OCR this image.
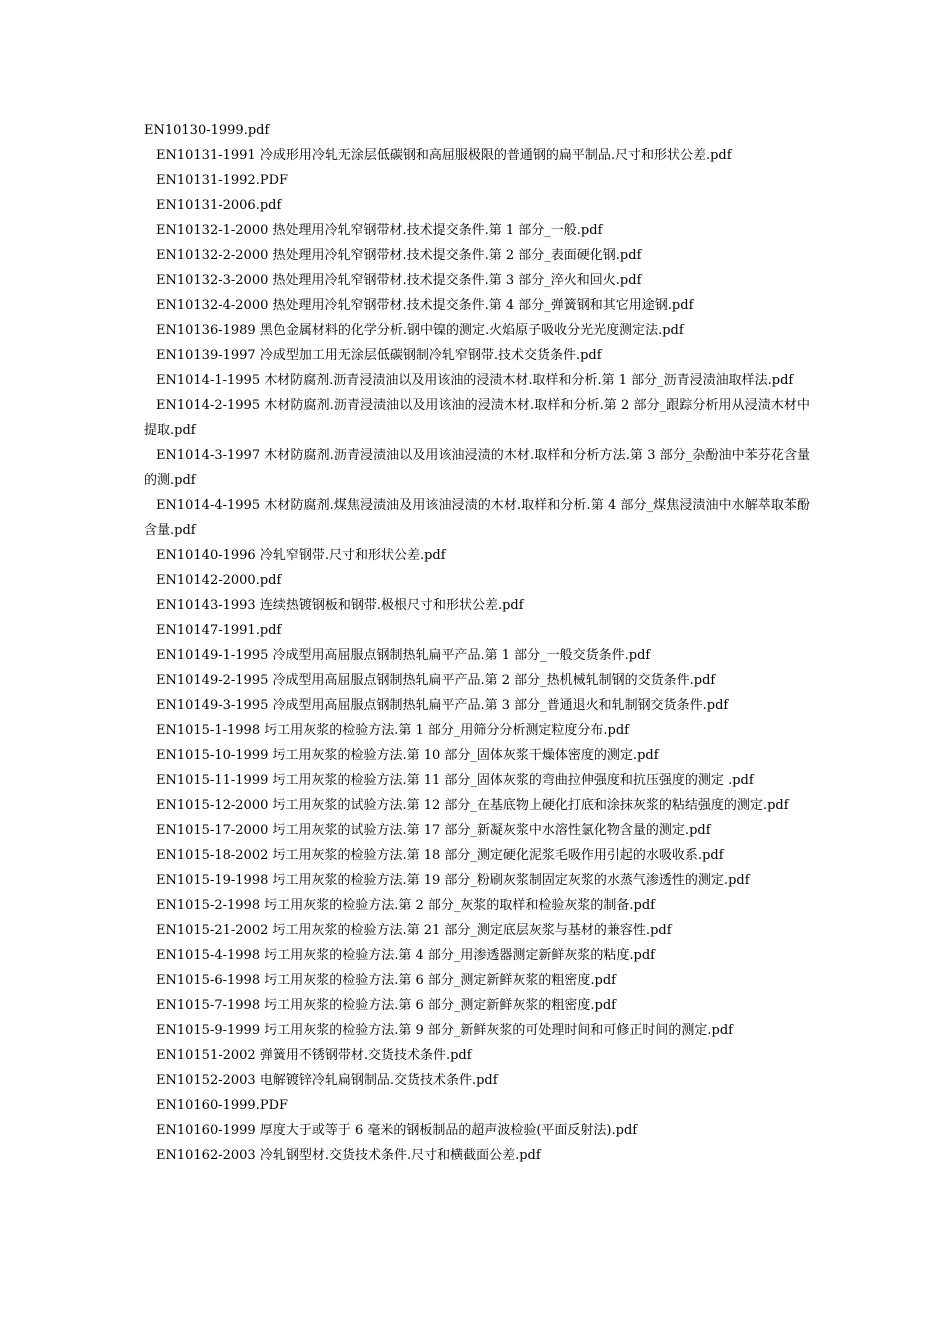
EN10130-1999.pdf
EN10131-1991 冷成形用冷轧无涂层低碳钢和高屈服极限的普通钢的扁平制品.尺寸和形状公差.pdf
EN10131-1992.PDF
EN10131-2006.pdf
EN10132-1-2000 热处理用冷轧窄钢带材.技术提交条件.第 1 部分_一般.pdf
EN10132-2-2000 热处理用冷轧窄钢带材.技术提交条件.第 2 部分_表面硬化钢.pdf
EN10132-3-2000 热处理用冷轧窄钢带材.技术提交条件.第 3 部分_淬火和回火.pdf
EN10132-4-2000 热处理用冷轧窄钢带材.技术提交条件.第 4 部分_弹簧钢和其它用途钢.pdf
EN10136-1989 黑色金属材料的化学分析.钢中镍的测定.火焰原子吸收分光光度测定法.pdf
EN10139-1997 冷成型加工用无涂层低碳钢制冷轧窄钢带.技术交货条件.pdf
EN1014-1-1995 木材防腐剂.沥青浸渍油以及用该油的浸渍木材.取样和分析.第 1 部分_沥青浸渍油取样法.pdf
EN1014-2-1995 木材防腐剂.沥青浸渍油以及用该油的浸渍木材.取样和分析.第 2 部分_跟踪分析用从浸渍木材中提取.pdf
EN1014-3-1997 木材防腐剂.沥青浸渍油以及用该油浸渍的木材.取样和分析方法.第 3 部分_杂酚油中苯芬花含量的测.pdf
EN1014-4-1995 木材防腐剂.煤焦浸渍油及用该油浸渍的木材.取样和分析.第 4 部分_煤焦浸渍油中水解萃取苯酚含量.pdf
EN10140-1996 冷轧窄钢带.尺寸和形状公差.pdf
EN10142-2000.pdf
EN10143-1993 连续热镀钢板和钢带.极根尺寸和形状公差.pdf
EN10147-1991.pdf
EN10149-1-1995 冷成型用高屈服点钢制热轧扁平产品.第 1 部分_一般交货条件.pdf
EN10149-2-1995 冷成型用高屈服点钢制热轧扁平产品.第 2 部分_热机械轧制钢的交货条件.pdf
EN10149-3-1995 冷成型用高屈服点钢制热轧扁平产品.第 3 部分_普通退火和轧制钢交货条件.pdf
EN1015-1-1998 圬工用灰浆的检验方法.第 1 部分_用筛分分析测定粒度分布.pdf
EN1015-10-1999 圬工用灰浆的检验方法.第 10 部分_固体灰浆干燥体密度的测定.pdf
EN1015-11-1999 圬工用灰浆的检验方法.第 11 部分_固体灰浆的弯曲拉伸强度和抗压强度的测定 .pdf
EN1015-12-2000 圬工用灰浆的试验方法.第 12 部分_在基底物上硬化打底和涂抹灰浆的粘结强度的测定.pdf
EN1015-17-2000 圬工用灰浆的试验方法.第 17 部分_新凝灰浆中水溶性氯化物含量的测定.pdf
EN1015-18-2002 圬工用灰浆的检验方法.第 18 部分_测定硬化泥浆毛吸作用引起的水吸收系.pdf
EN1015-19-1998 圬工用灰浆的检验方法.第 19 部分_粉刷灰浆制固定灰浆的水蒸气渗透性的测定.pdf
EN1015-2-1998 圬工用灰浆的检验方法.第 2 部分_灰浆的取样和检验灰浆的制备.pdf
EN1015-21-2002 圬工用灰浆的检验方法.第 21 部分_测定底层灰浆与基材的兼容性.pdf
EN1015-4-1998 圬工用灰浆的检验方法.第 4 部分_用渗透器测定新鲜灰浆的粘度.pdf
EN1015-6-1998 圬工用灰浆的检验方法.第 6 部分_测定新鲜灰浆的粗密度.pdf
EN1015-7-1998 圬工用灰浆的检验方法.第 6 部分_测定新鲜灰浆的粗密度.pdf
EN1015-9-1999 圬工用灰浆的检验方法.第 9 部分_新鲜灰浆的可处理时间和可修正时间的测定.pdf
EN10151-2002 弹簧用不锈钢带材.交货技术条件.pdf
EN10152-2003 电解镀锌冷轧扁钢制品.交货技术条件.pdf
EN10160-1999.PDF
EN10160-1999 厚度大于或等于 6 毫米的钢板制品的超声波检验(平面反射法).pdf
EN10162-2003 冷轧钢型材.交货技术条件.尺寸和横截面公差.pdf
